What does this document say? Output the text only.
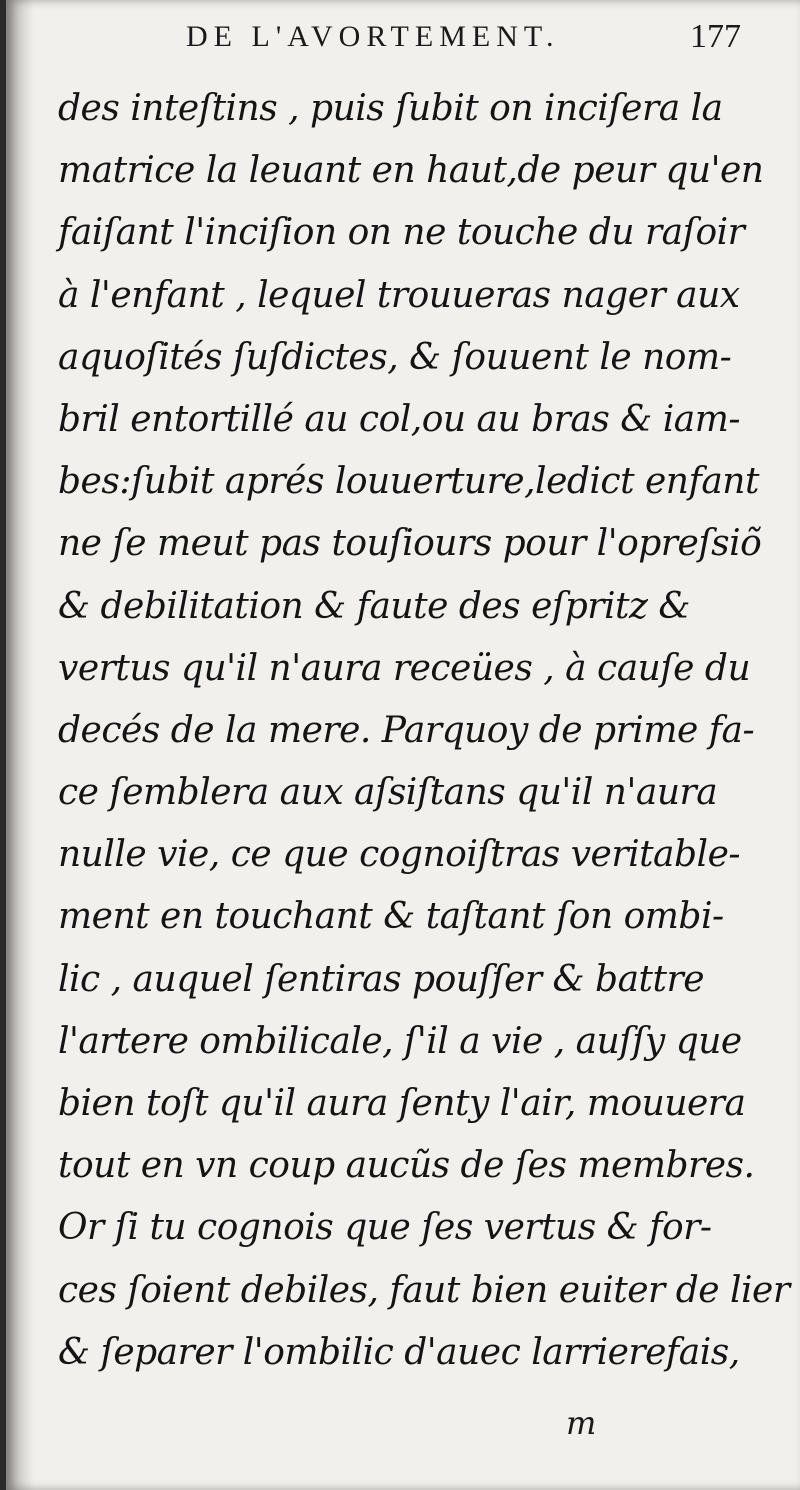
DE L'AVORTEMENT.	177
des inteſtins , puis ſubit on inciſera la
matrice la leuant en haut,de peur qu'en
faiſant l'inciſion on ne touche du raſoir
à l'enfant , lequel trouueras nager aux
aquoſités ſuſdictes, & ſouuent le nom-
bril entortillé au col,ou au bras & iam-
bes:ſubit aprés louuerture,ledict enfant
ne ſe meut pas touſiours pour l'opreſsiõ
& debilitation & faute des eſpritz &
vertus qu'il n'aura receües , à cauſe du
decés de la mere. Parquoy de prime fa-
ce ſemblera aux aſsiſtans qu'il n'aura
nulle vie, ce que cognoiſtras veritable-
ment en touchant & taſtant ſon ombi-
lic , auquel ſentiras pouſſer & battre
l'artere ombilicale, ſ'il a vie , auſſy que
bien toſt qu'il aura ſenty l'air, mouuera
tout en vn coup aucũs de ſes membres.
Or ſi tu cognois que ſes vertus & for-
ces ſoient debiles, faut bien euiter de lier
& ſeparer l'ombilic d'auec larrierefais,
m
